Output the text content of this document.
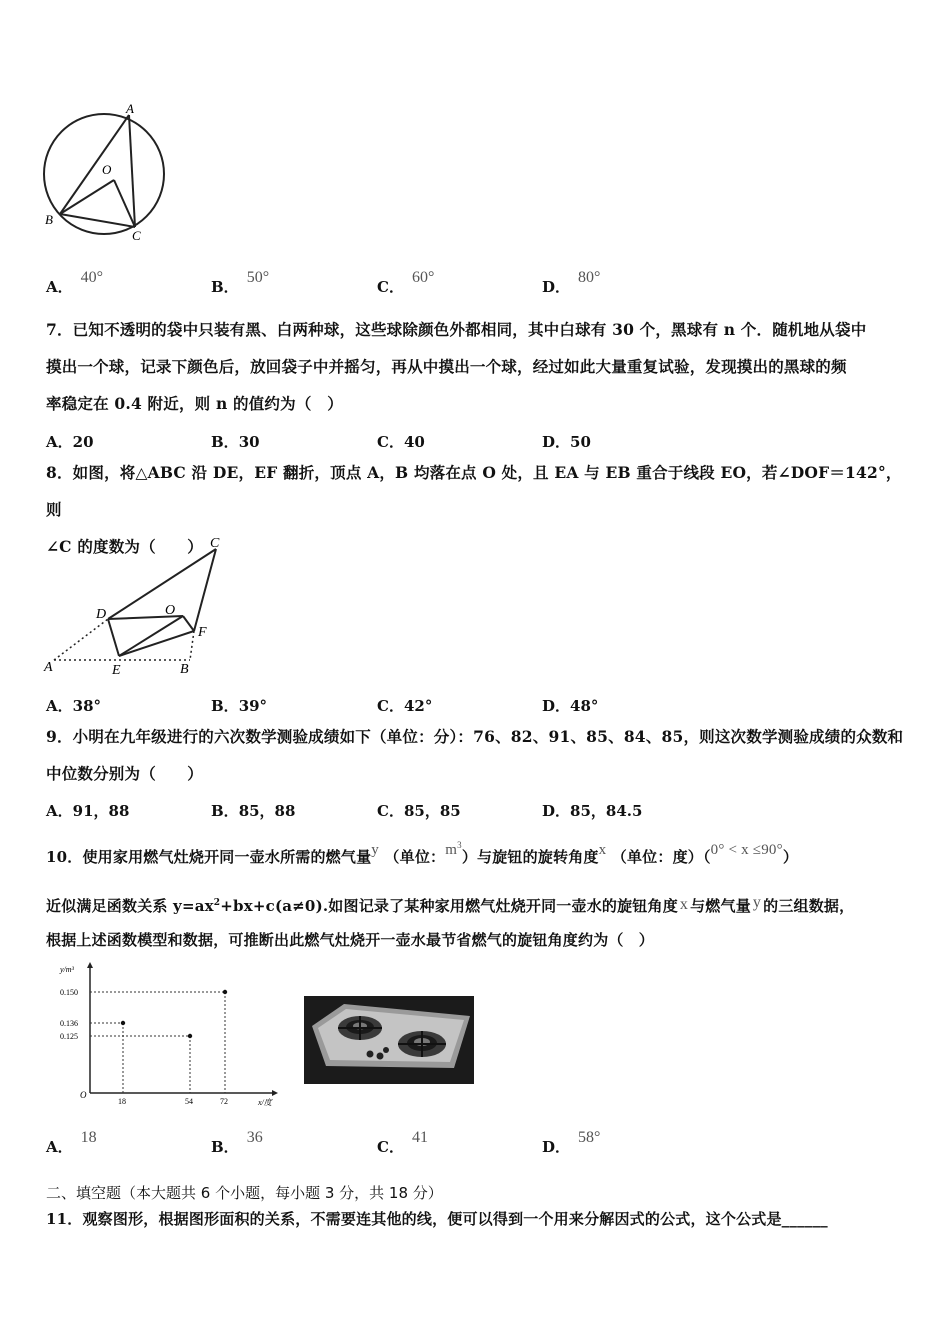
A
O
B
C
A．40°
B．50°
C．60°
D．80°
7．已知不透明的袋中只装有黑、白两种球，这些球除颜色外都相同，其中白球有 30 个，黑球有 n 个．随机地从袋中
摸出一个球，记录下颜色后，放回袋子中并摇匀，再从中摸出一个球，经过如此大量重复试验，发现摸出的黑球的频
率稳定在 0.4 附近，则 n 的值约为（　）
A．20	B．30	C．40	D．50
8．如图，将△ABC 沿 DE，EF 翻折，顶点 A，B 均落在点 O 处，且 EA 与 EB 重合于线段 EO，若∠DOF＝142°，则
∠C 的度数为（　　） C
D	O
F
A	E	B
A．38°	B．39°	C．42°	D．48°
9．小明在九年级进行的六次数学测验成绩如下（单位：分）：76、82、91、85、84、85，则这次数学测验成绩的众数和
中位数分别为（　　）
A．91，88	B．85，88	C．85，85	D．85，84.5
10．使用家用燃气灶烧开同一壶水所需的燃气量y （单位：$m^3$）与旋钮的旋转角度x （单位：度）（0° < x ≤90°）
近似满足函数关系 $y=ax^2+bx+c(a\ne 0)$.如图记录了某种家用燃气灶烧开同一壶水的旋钮角度 x 与燃气量 y 的三组数据，
根据上述函数模型和数据，可推断出此燃气灶烧开一壶水最节省燃气的旋钮角度约为（　）
y/m³
x/度
O
18	54	72
0.150
0.136
0.125
A．18
B．36
C．41
D．58°
二、填空题（本大题共 6 个小题，每小题 3 分，共 18 分）
11．观察图形，根据图形面积的关系，不需要连其他的线，便可以得到一个用来分解因式的公式，这个公式是______
